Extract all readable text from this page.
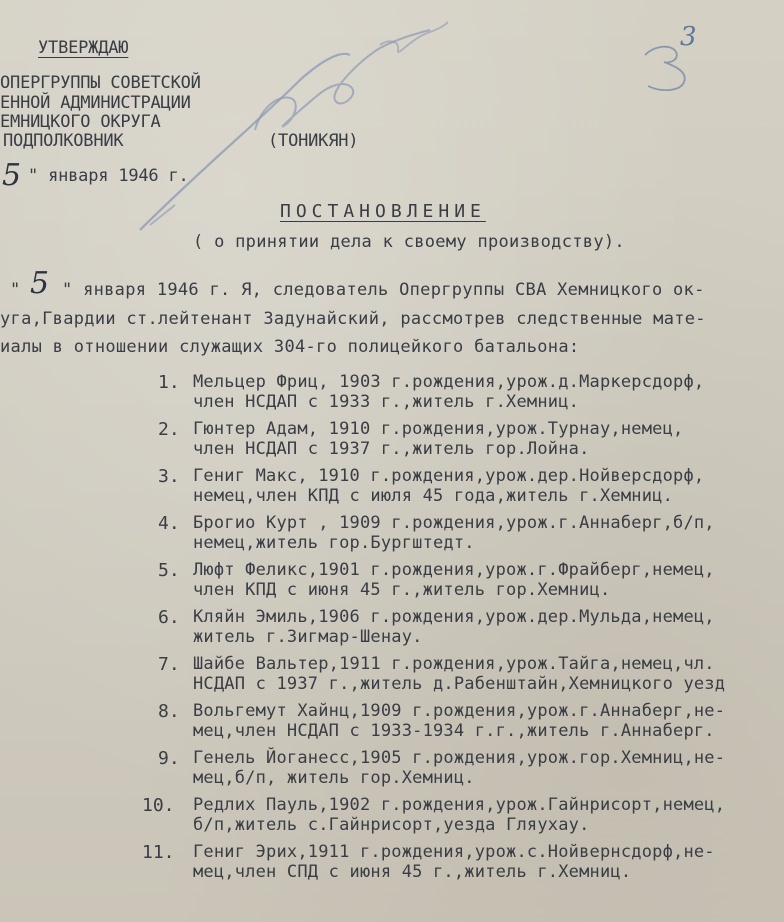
УТВЕРЖДАЮ
ОПЕРГРУППЫ СОВЕТСКОЙ
ЕННОЙ АДМИНИСТРАЦИИ
ЕМНИЦКОГО ОКРУГА
ПОДПОЛКОВНИК	(ТОНИКЯН)
5 " января 1946 г.
3
ПОСТАНОВЛЕНИЕ
( о принятии дела к своему производству).
" 5 " января 1946 г. Я, следователь Опергруппы СВА Хемницкого ок-
уга,Гвардии ст.лейтенант Задунайский, рассмотрев следственные мате-
иалы в отношении служащих 304-го полицейкого батальона:
1. Мельцер Фриц, 1903 г.рождения,урож.д.Маркерсдорф,
член НСДАП с 1933 г.,житель г.Хемниц.
2. Гюнтер Адам, 1910 г.рождения,урож.Турнау,немец,
член НСДАП с 1937 г.,житель гор.Лойна.
3. Гениг Макс, 1910 г.рождения,урож.дер.Нойверсдорф,
немец,член КПД с июля 45 года,житель г.Хемниц.
4. Брогио Курт , 1909 г.рождения,урож.г.Аннаберг,б/п,
немец,житель гор.Бургштедт.
5. Люфт Феликс,1901 г.рождения,урож.г.Фрайберг,немец,
член КПД с июня 45 г.,житель гор.Хемниц.
6. Кляйн Эмиль,1906 г.рождения,урож.дер.Мульда,немец,
житель г.Зигмар-Шенау.
7. Шайбе Вальтер,1911 г.рождения,урож.Тайга,немец,чл.
НСДАП с 1937 г.,житель д.Рабенштайн,Хемницкого уезд
8. Вольгемут Хайнц,1909 г.рождения,урож.г.Аннаберг,не-
мец,член НСДАП с 1933-1934 г.г.,житель г.Аннаберг.
9. Генель Йоганесс,1905 г.рождения,урож.гор.Хемниц,не-
мец,б/п, житель гор.Хемниц.
10. Редлих Пауль,1902 г.рождения,урож.Гайнрисорт,немец,
б/п,житель с.Гайнрисорт,уезда Гляухау.
11. Гениг Эрих,1911 г.рождения,урож.с.Нойвернсдорф,не-
мец,член СПД с июня 45 г.,житель г.Хемниц.
